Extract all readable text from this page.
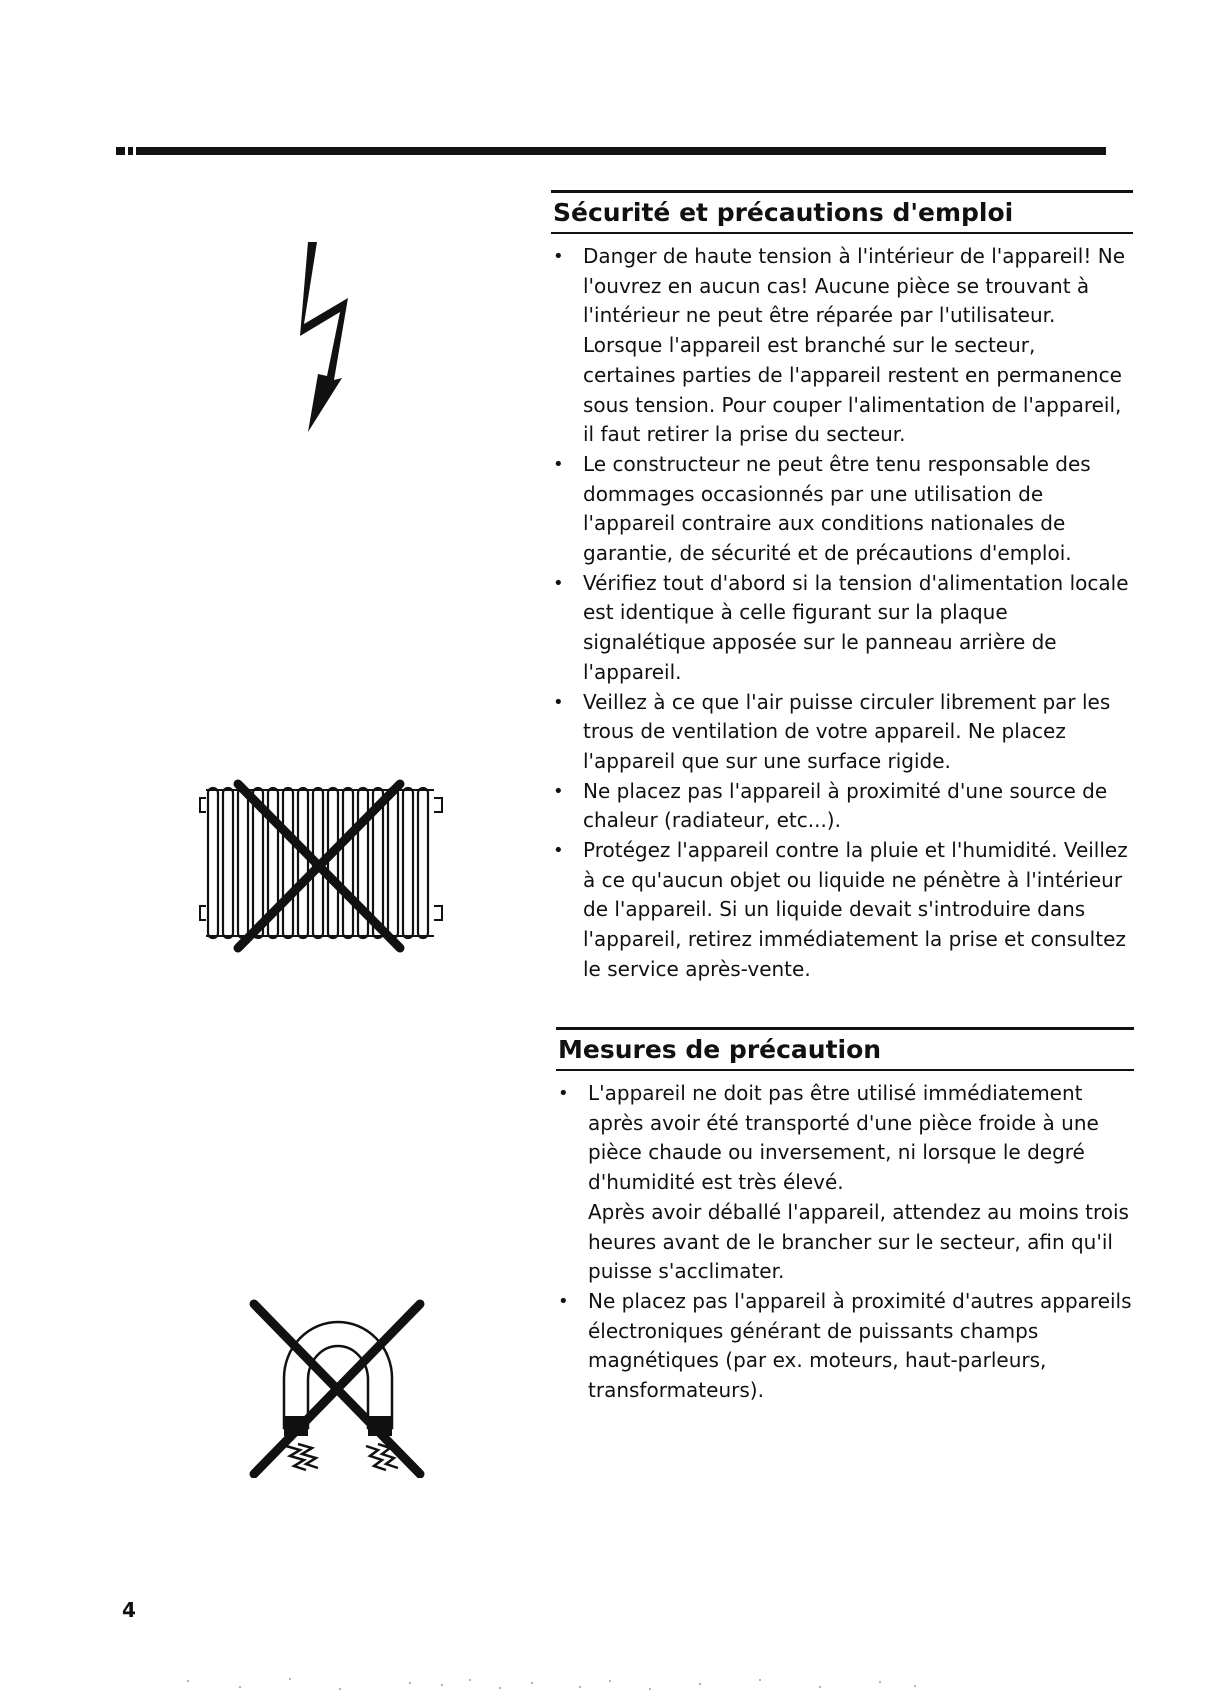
Sécurité et précautions d'emploi
• Danger de haute tension à l'intérieur de l'appareil! Ne l'ouvrez en aucun cas! Aucune pièce se trouvant à l'intérieur ne peut être réparée par l'utilisateur.
Lorsque l'appareil est branché sur le secteur, certaines parties de l'appareil restent en permanence sous tension. Pour couper l'alimentation de l'appareil, il faut retirer la prise du secteur.
• Le constructeur ne peut être tenu responsable des dommages occasionnés par une utilisation de l'appareil contraire aux conditions nationales de garantie, de sécurité et de précautions d'emploi.
• Vérifiez tout d'abord si la tension d'alimentation locale est identique à celle figurant sur la plaque signalétique apposée sur le panneau arrière de l'appareil.
• Veillez à ce que l'air puisse circuler librement par les trous de ventilation de votre appareil. Ne placez l'appareil que sur une surface rigide.
• Ne placez pas l'appareil à proximité d'une source de chaleur (radiateur, etc...).
• Protégez l'appareil contre la pluie et l'humidité. Veillez à ce qu'aucun objet ou liquide ne pénètre à l'intérieur de l'appareil. Si un liquide devait s'introduire dans l'appareil, retirez immédiatement la prise et consultez le service après-vente.
Mesures de précaution
• L'appareil ne doit pas être utilisé immédiatement après avoir été transporté d'une pièce froide à une pièce chaude ou inversement, ni lorsque le degré d'humidité est très élevé.
Après avoir déballé l'appareil, attendez au moins trois heures avant de le brancher sur le secteur, afin qu'il puisse s'acclimater.
• Ne placez pas l'appareil à proximité d'autres appareils électroniques générant de puissants champs magnétiques (par ex. moteurs, haut-parleurs, transformateurs).
4
